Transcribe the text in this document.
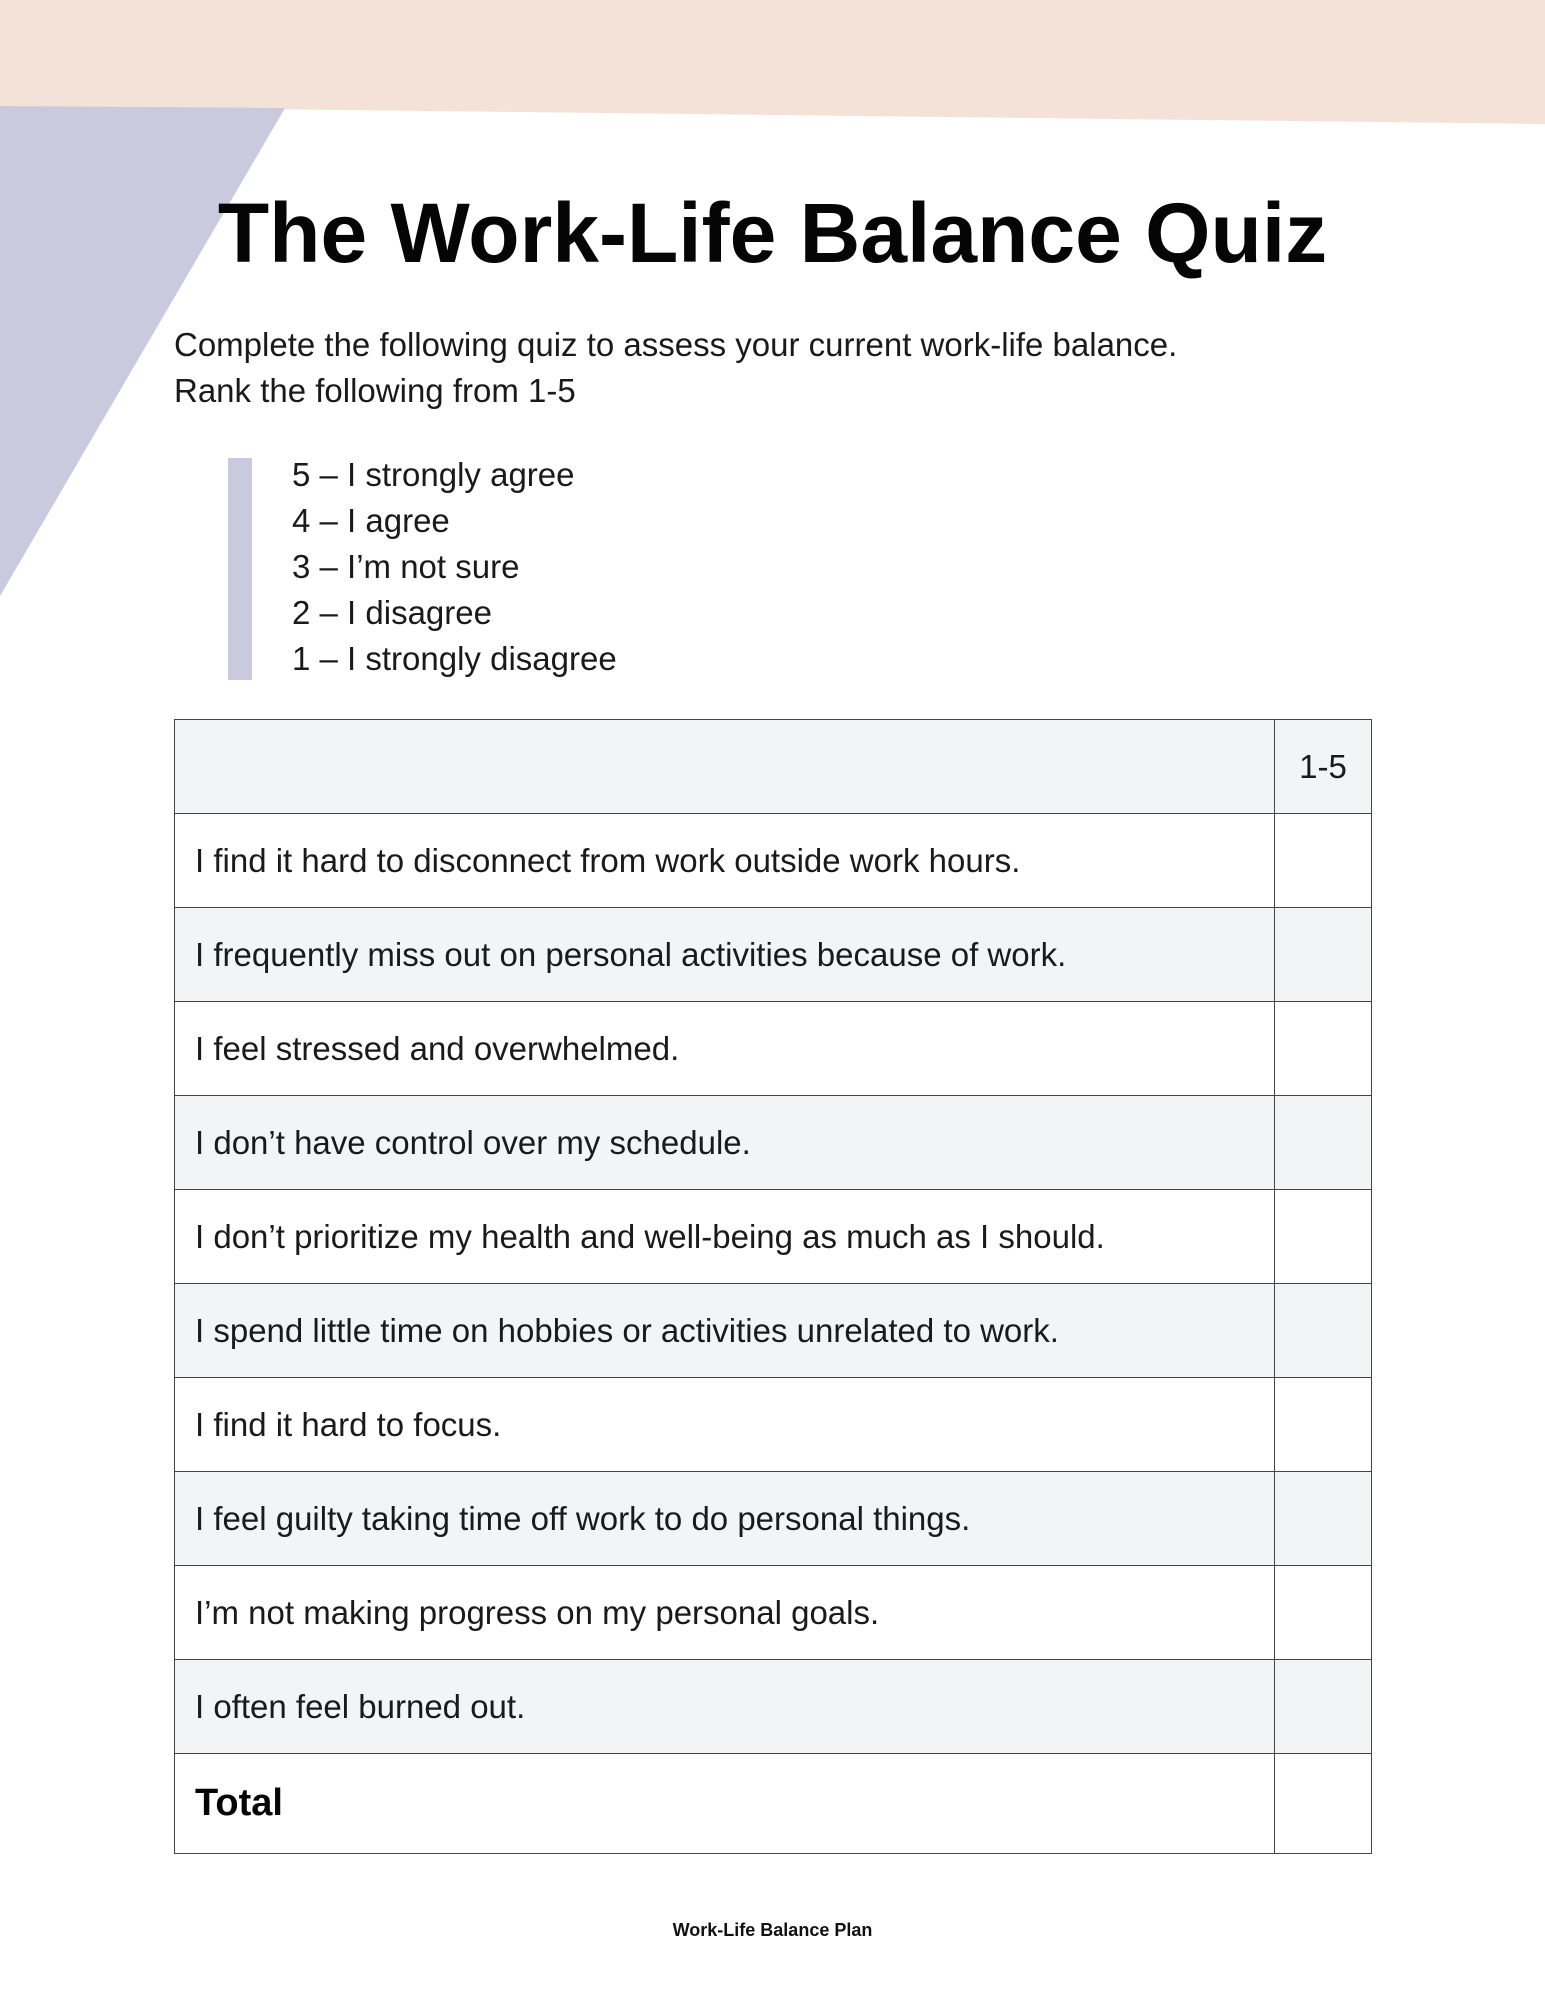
The Work-Life Balance Quiz

Complete the following quiz to assess your current work-life balance.

Rank the following from 1-5

5 – I strongly agree
4 – I agree
3 – I’m not sure
2 – I disagree
1 – I strongly disagree
	1-5
I find it hard to disconnect from work outside work hours.	
I frequently miss out on personal activities because of work.	
I feel stressed and overwhelmed.	
I don’t have control over my schedule.	
I don’t prioritize my health and well-being as much as I should.	
I spend little time on hobbies or activities unrelated to work.	
I find it hard to focus.	
I feel guilty taking time off work to do personal things.	
I’m not making progress on my personal goals.	
I often feel burned out.	
Total	
Work-Life Balance Plan
